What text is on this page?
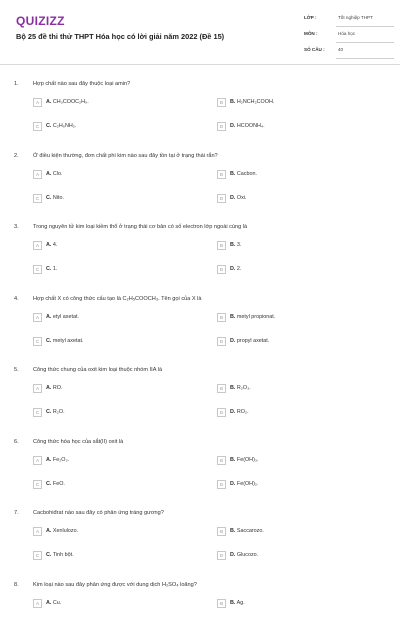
QUIZIZZ
Bộ 25 đề thi thử THPT Hóa học có lời giải năm 2022 (Đề 15)
LỚP :	Tốt nghiệp THPT
MÔN :	Hóa học
SỐ CÂU :	40
1.	Hợp chất nào sau đây thuộc loại amin?
A	A. CH₃COOC₂H₅.	B	B. H₂NCH₂COOH.
C	C. C₂H₅NH₂.	D	D. HCOONH₄.
2.	Ở điều kiện thường, đơn chất phi kim nào sau đây tồn tại ở trạng thái rắn?
A	A. Clo.	B	B. Cacbon.
C	C. Nito.	D	D. Oxi.
3.	Trong nguyên tử kim loại kiềm thổ ở trạng thái cơ bản có số electron lớp ngoài cùng là
A	A. 4.	B	B. 3.
C	C. 1.	D	D. 2.
4.	Hợp chất X có công thức cấu tạo là C₂H₅COOCH₃. Tên gọi của X là
A	A. etyl axetat.	B	B. metyl propionat.
C	C. metyl axetat.	D	D. propyl axetat.
5.	Công thức chung của oxit kim loại thuộc nhóm IIA là
A	A. RO.	B	B. R₂O₃.
C	C. R₂O.	D	D. RO₂.
6.	Công thức hóa học của sắt(II) oxit là
A	A. Fe₂O₃.	B	B. Fe(OH)₃.
C	C. FeO.	D	D. Fe(OH)₂.
7.	Cacbohiđrat nào sau đây có phản ứng tráng gương?
A	A. Xenlulozo.	B	B. Saccarozo.
C	C. Tinh bột.	D	D. Glucozo.
8.	Kim loại nào sau đây phản ứng được với dung dịch H₂SO₄ loãng?
A	A. Cu.	B	B. Ag.
